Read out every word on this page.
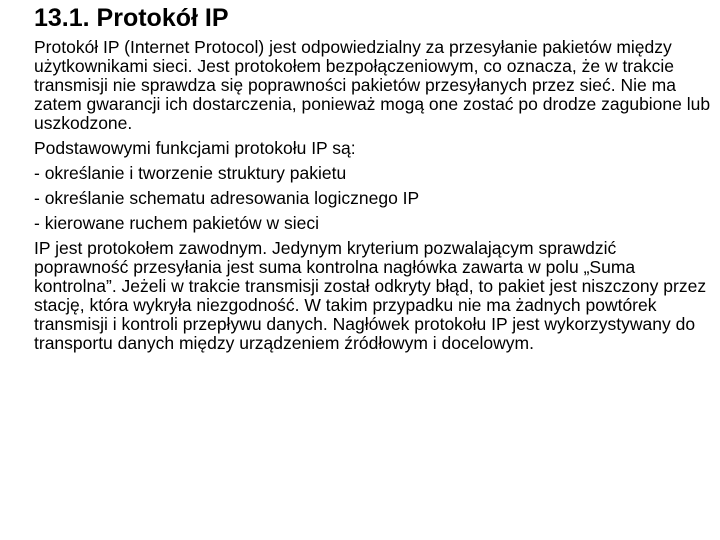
13.1. Protokół IP

Protokół IP (Internet Protocol) jest odpowiedzialny za przesyłanie pakietów między użytkownikami sieci. Jest protokołem bezpołączeniowym, co oznacza, że w trakcie transmisji nie sprawdza się poprawności pakietów przesyłanych przez sieć. Nie ma zatem gwarancji ich dostarczenia, ponieważ mogą one zostać po drodze zagubione lub uszkodzone.

Podstawowymi funkcjami protokołu IP są:

- określanie i tworzenie struktury pakietu

- określanie schematu adresowania logicznego IP

- kierowane ruchem pakietów w sieci

IP jest protokołem zawodnym. Jedynym kryterium pozwalającym sprawdzić poprawność przesyłania jest suma kontrolna nagłówka zawarta w polu „Suma kontrolna”. Jeżeli w trakcie transmisji został odkryty błąd, to pakiet jest niszczony przez stację, która wykryła niezgodność. W takim przypadku nie ma żadnych powtórek transmisji i kontroli przepływu danych. Nagłówek protokołu IP jest wykorzystywany do transportu danych między urządzeniem źródłowym i docelowym.
